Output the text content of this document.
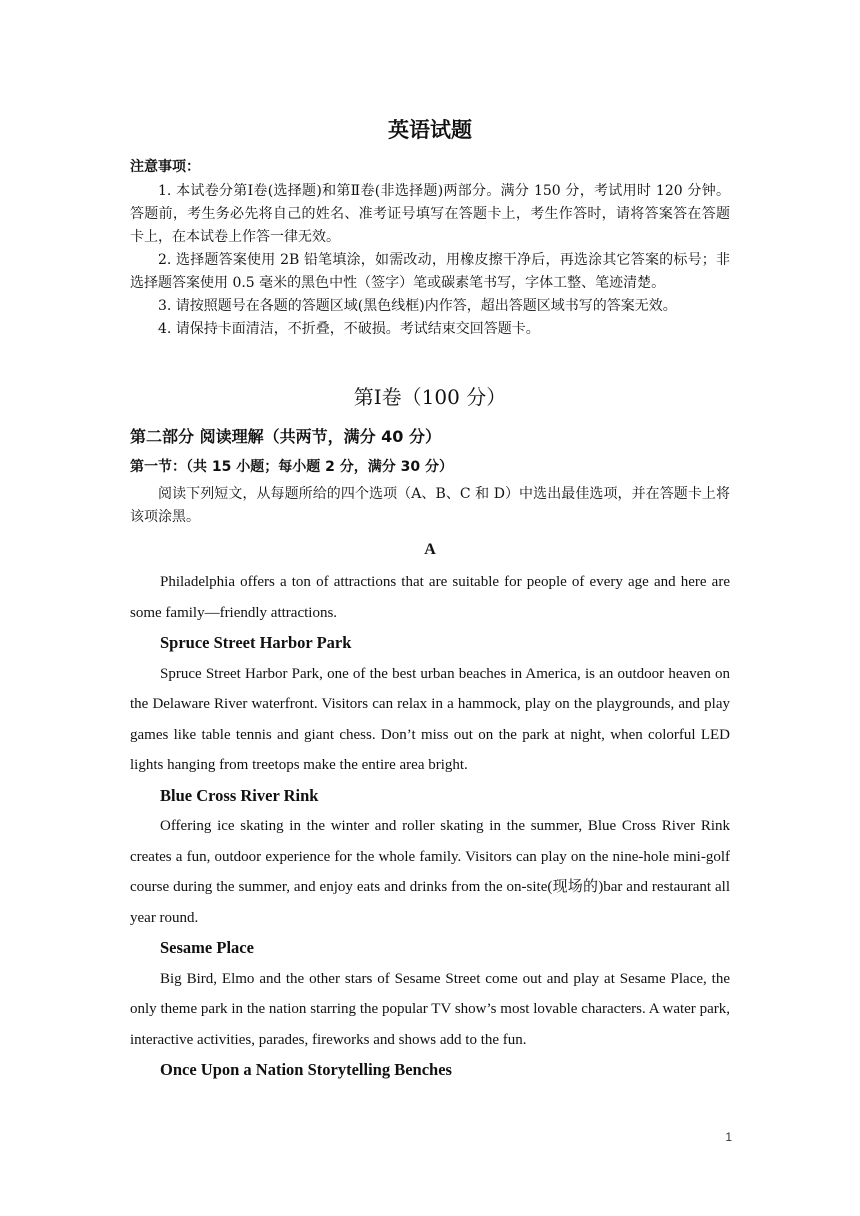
英语试题
注意事项：

1. 本试卷分第Ⅰ卷(选择题)和第Ⅱ卷(非选择题)两部分。满分 150 分，考试用时 120 分钟。答题前，考生务必先将自己的姓名、准考证号填写在答题卡上，考生作答时，请将答案答在答题卡上，在本试卷上作答一律无效。

2. 选择题答案使用 2B 铅笔填涂，如需改动，用橡皮擦干净后，再选涂其它答案的标号；非选择题答案使用 0.5 毫米的黑色中性（签字）笔或碳素笔书写，字体工整、笔迹清楚。

3. 请按照题号在各题的答题区域(黑色线框)内作答，超出答题区域书写的答案无效。

4. 请保持卡面清洁，不折叠，不破损。考试结束交回答题卡。

第Ⅰ卷（100 分）
第二部分 阅读理解（共两节，满分 40 分）
第一节：（共 15 小题；每小题 2 分，满分 30 分）

阅读下列短文，从每题所给的四个选项（A、B、C 和 D）中选出最佳选项，并在答题卡上将该项涂黑。

A

Philadelphia offers a ton of attractions that are suitable for people of every age and here are some family—friendly attractions.

Spruce Street Harbor Park

Spruce Street Harbor Park, one of the best urban beaches in America, is an outdoor heaven on the Delaware River waterfront. Visitors can relax in a hammock, play on the playgrounds, and play games like table tennis and giant chess. Don’t miss out on the park at night, when colorful LED lights hanging from treetops make the entire area bright.

Blue Cross River Rink

Offering ice skating in the winter and roller skating in the summer, Blue Cross River Rink creates a fun, outdoor experience for the whole family. Visitors can play on the nine-hole mini-golf course during the summer, and enjoy eats and drinks from the on-site(现场的)bar and restaurant all year round.

Sesame Place

Big Bird, Elmo and the other stars of Sesame Street come out and play at Sesame Place, the only theme park in the nation starring the popular TV show’s most lovable characters. A water park, interactive activities, parades, fireworks and shows add to the fun.

Once Upon a Nation Storytelling Benches
1
